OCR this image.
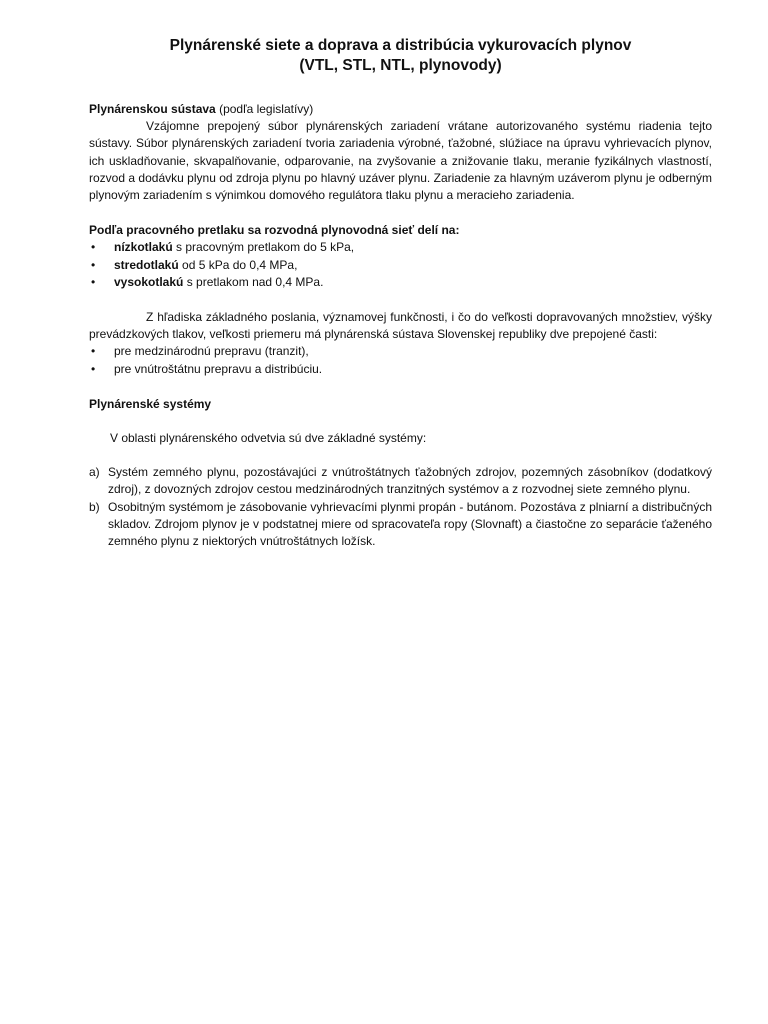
Plynárenské siete a doprava a distribúcia vykurovacích plynov
(VTL, STL, NTL, plynovody)

Plynárenskou sústava (podľa legislatívy)

Vzájomne prepojený súbor plynárenských zariadení vrátane autorizovaného systému riadenia tejto sústavy. Súbor plynárenských zariadení tvoria zariadenia výrobné, ťažobné, slúžiace na úpravu vyhrievacích plynov, ich uskladňovanie, skvapalňovanie, odparovanie, na zvyšovanie a znižovanie tlaku, meranie fyzikálnych vlastností, rozvod a dodávku plynu od zdroja plynu po hlavný uzáver plynu. Zariadenie za hlavným uzáverom plynu je odberným plynovým zariadením s výnimkou domového regulátora tlaku plynu a meracieho zariadenia.

Podľa pracovného pretlaku sa rozvodná plynovodná sieť delí na:

• nízkotlakú s pracovným pretlakom do 5 kPa,
• stredotlakú od 5 kPa do 0,4 MPa,
• vysokotlakú s pretlakom nad 0,4 MPa.

Z hľadiska základného poslania, významovej funkčnosti, i čo do veľkosti dopravovaných množstiev, výšky prevádzkových tlakov, veľkosti priemeru má plynárenská sústava Slovenskej republiky dve prepojené časti:

• pre medzinárodnú prepravu (tranzit),
• pre vnútroštátnu prepravu a distribúciu.

Plynárenské systémy

V oblasti plynárenského odvetvia sú dve základné systémy:

a) Systém zemného plynu, pozostávajúci z vnútroštátnych ťažobných zdrojov, pozemných zásobníkov (dodatkový zdroj), z dovozných zdrojov cestou medzinárodných tranzitných systémov a z rozvodnej siete zemného plynu.
b) Osobitným systémom je zásobovanie vyhrievacími plynmi propán - butánom. Pozostáva z plniarní a distribučných skladov. Zdrojom plynov je v podstatnej miere od spracovateľa ropy (Slovnaft) a čiastočne zo separácie ťaženého zemného plynu z niektorých vnútroštátnych ložísk.
